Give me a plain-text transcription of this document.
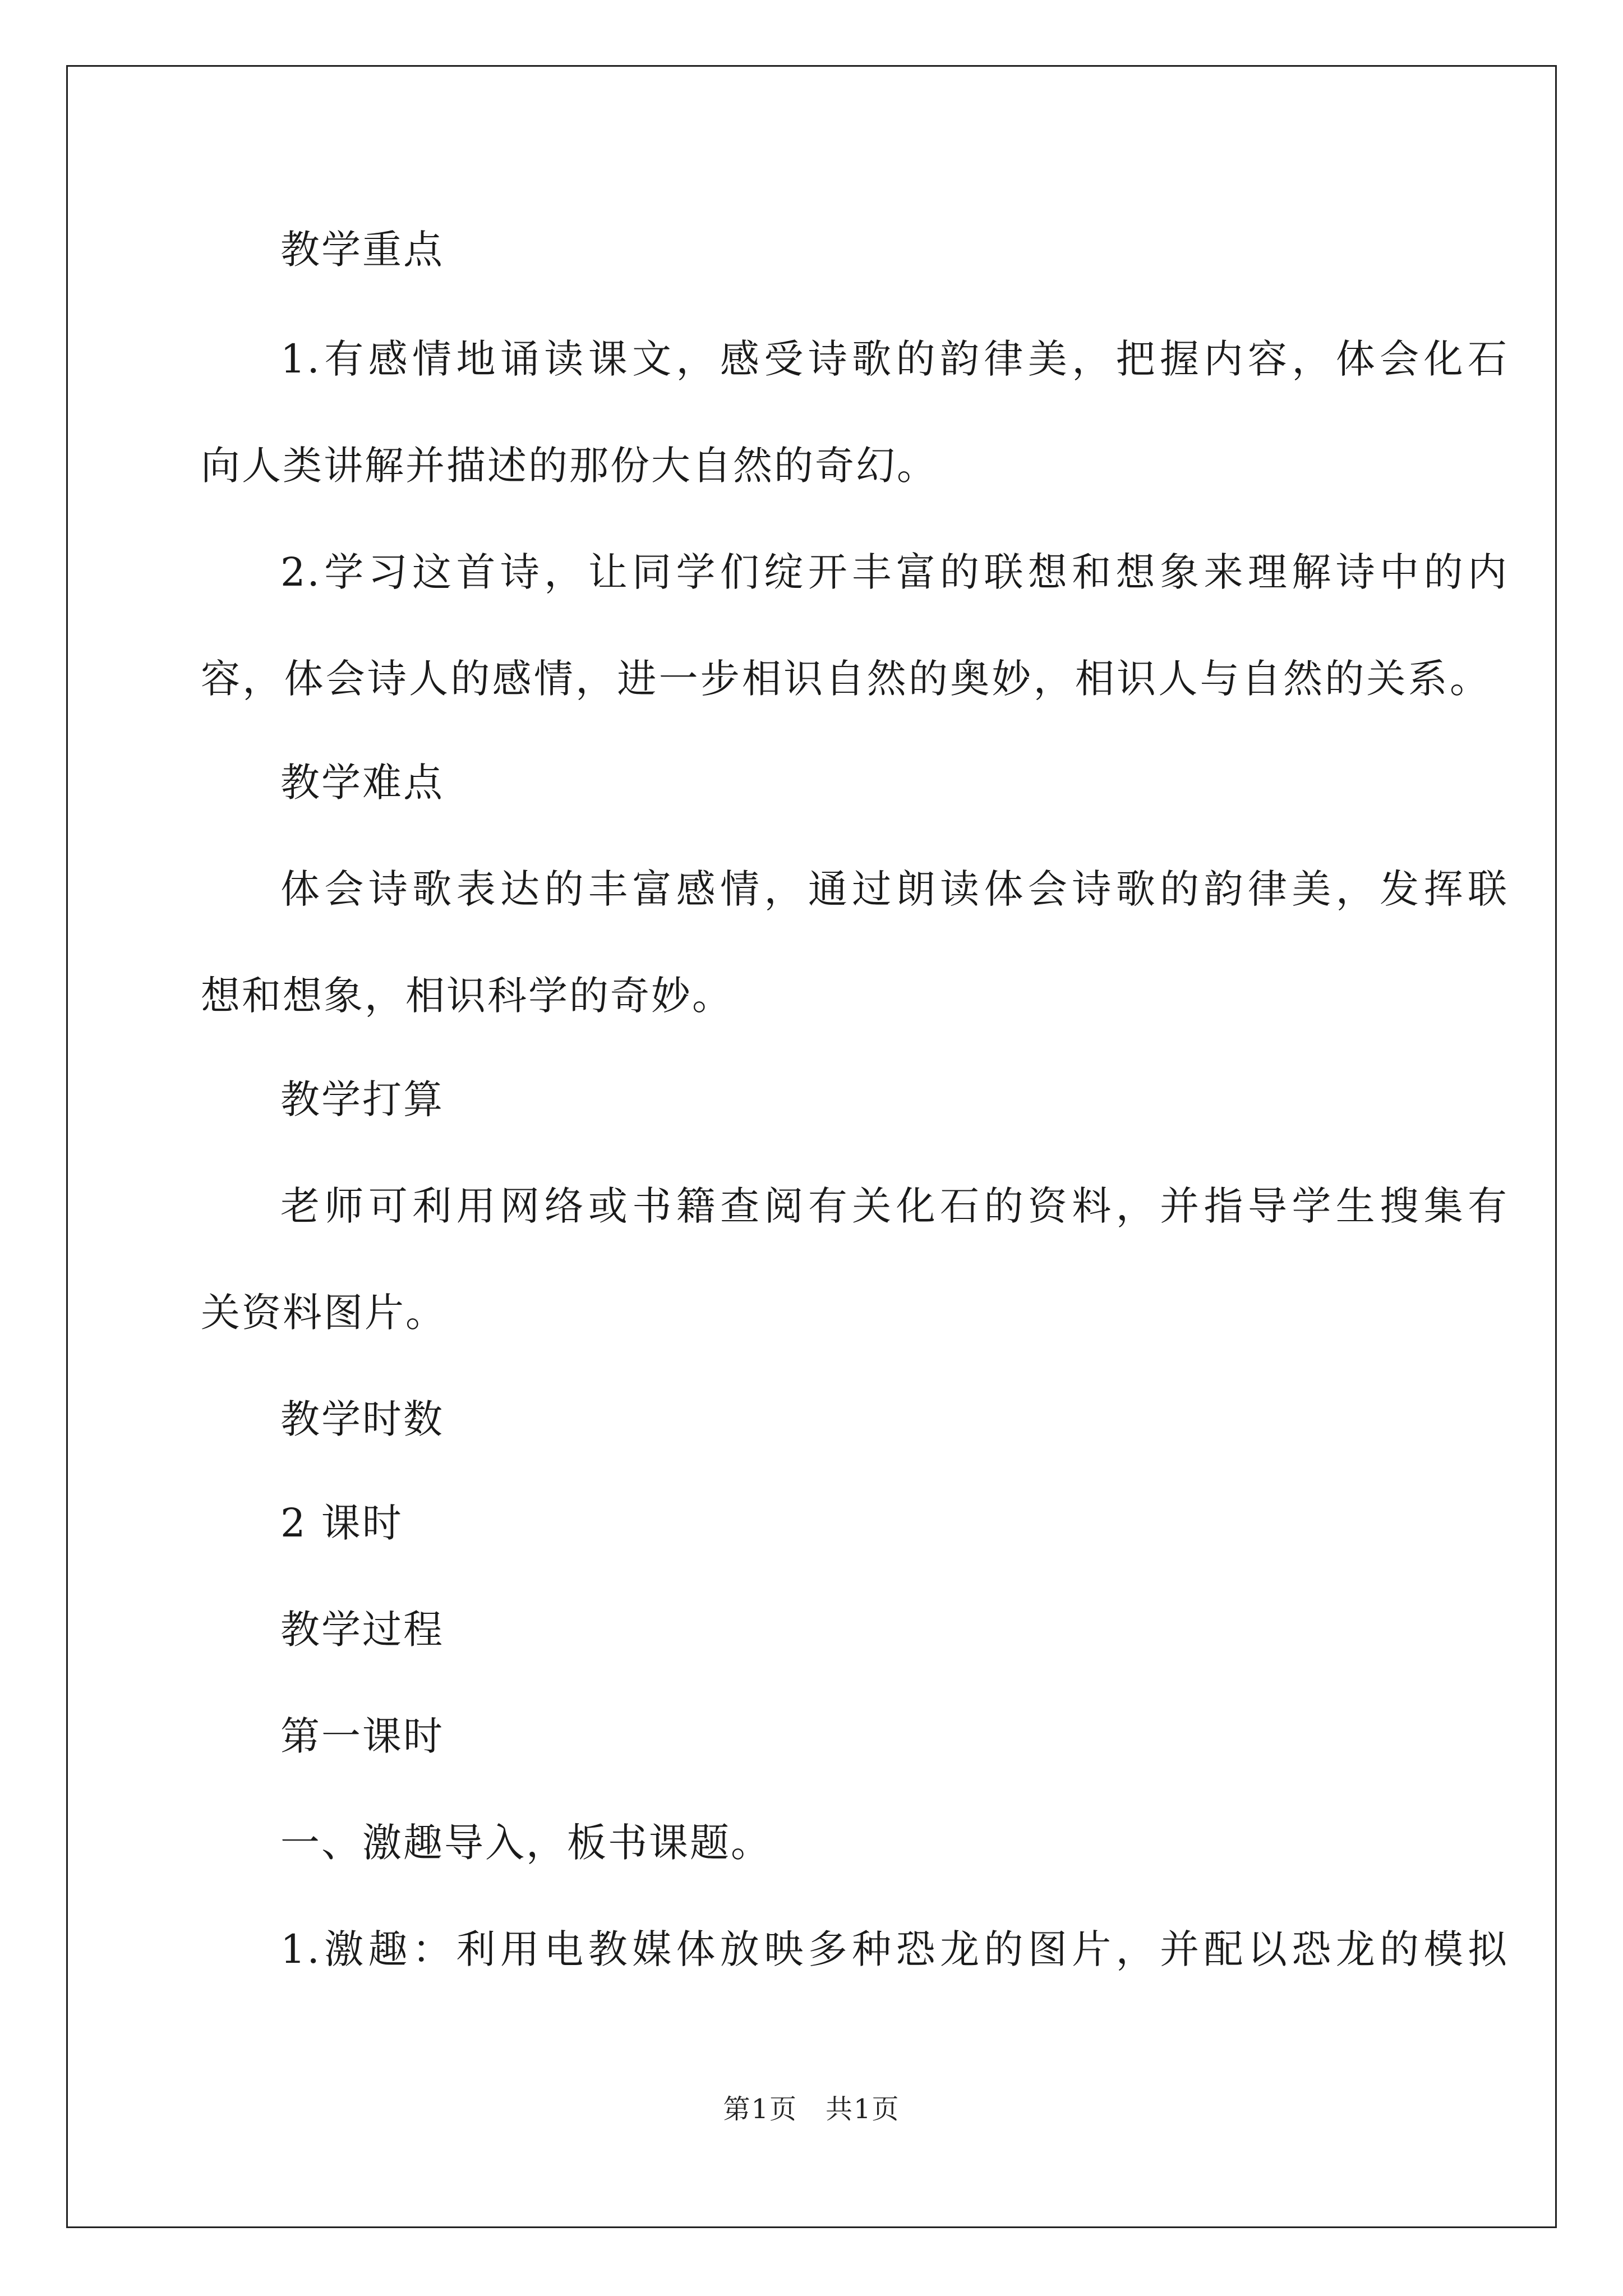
教学重点
1.有感情地诵读课文，感受诗歌的韵律美，把握内容，体会化石
向人类讲解并描述的那份大自然的奇幻。
2.学习这首诗，让同学们绽开丰富的联想和想象来理解诗中的内
容，体会诗人的感情，进一步相识自然的奥妙，相识人与自然的关系。
教学难点
体会诗歌表达的丰富感情，通过朗读体会诗歌的韵律美，发挥联
想和想象，相识科学的奇妙。
教学打算
老师可利用网络或书籍查阅有关化石的资料，并指导学生搜集有
关资料图片。
教学时数
2 课时
教学过程
第一课时
一、激趣导入，板书课题。
1.激趣：利用电教媒体放映多种恐龙的图片，并配以恐龙的模拟
第1页　共1页
